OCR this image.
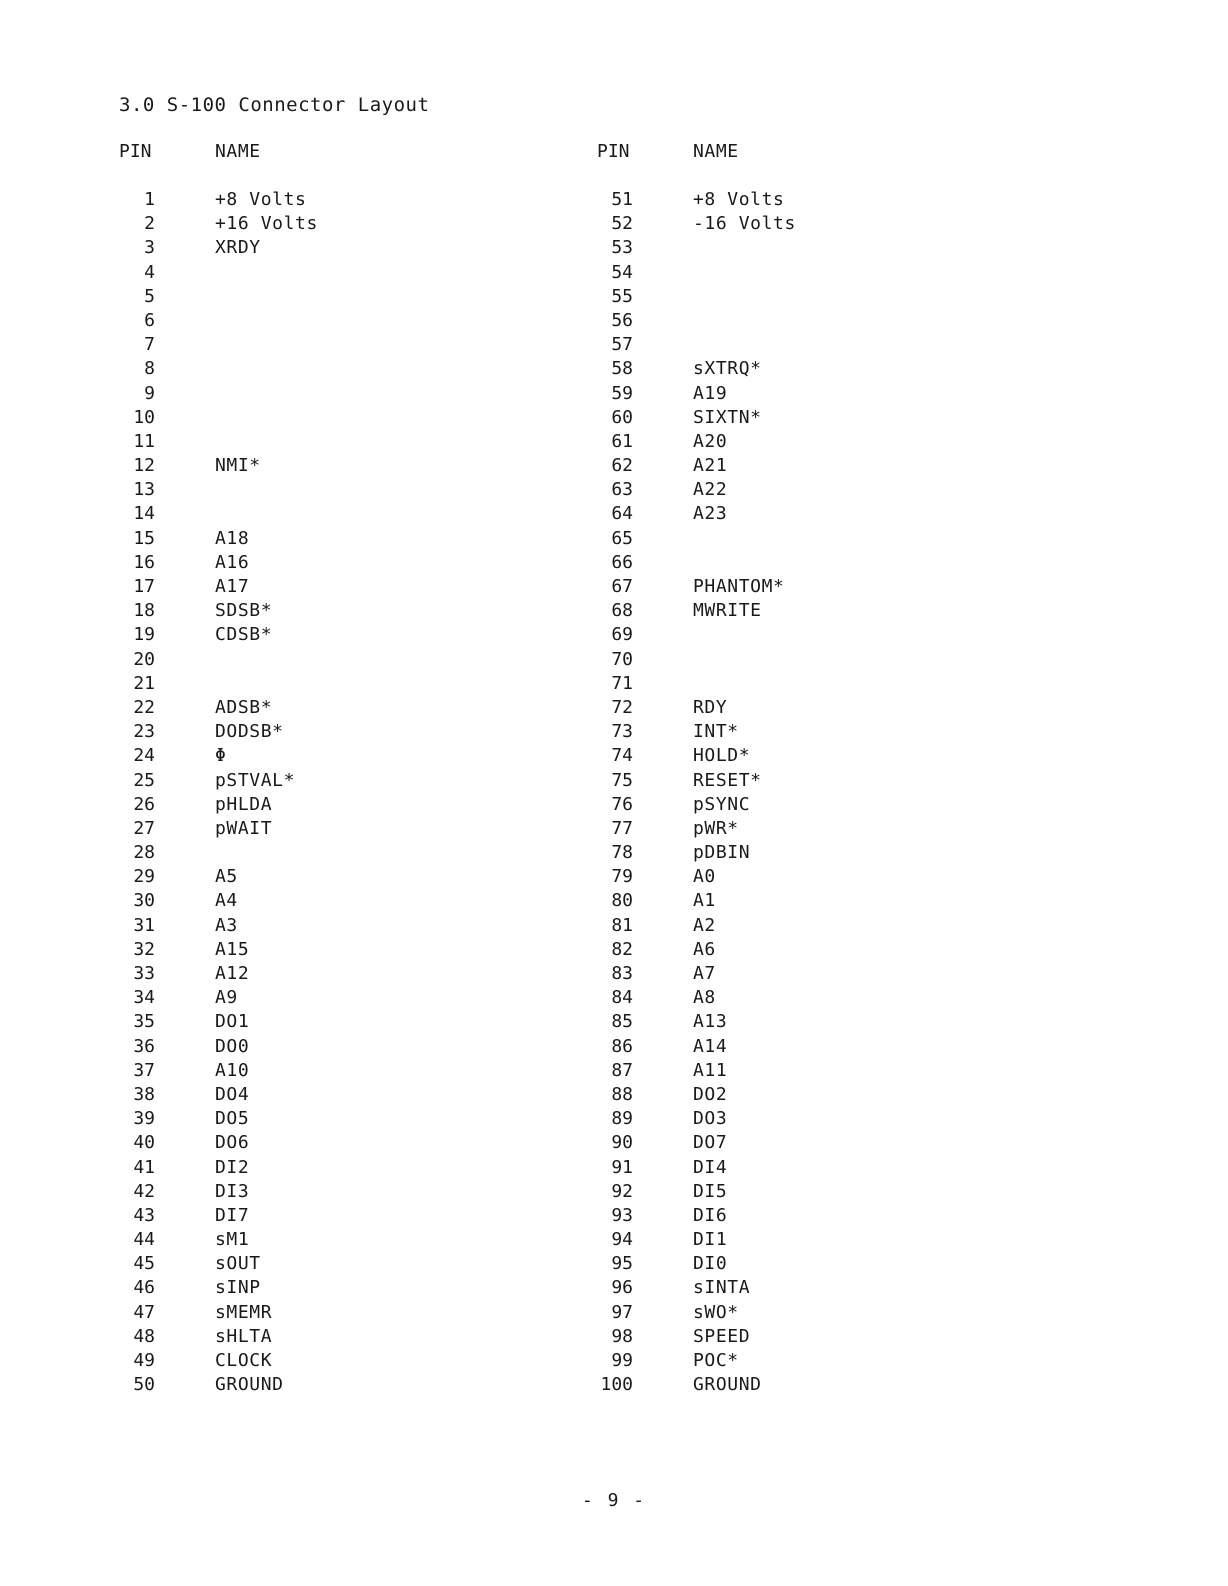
3.0 S-100 Connector Layout
PIN	NAME
1	+8 Volts
2	+16 Volts
3	XRDY
4
5
6
7
8
9
10
11
12	NMI*
13
14
15	A18
16	A16
17	A17
18	SDSB*
19	CDSB*
20
21
22	ADSB*
23	DODSB*
24	Φ
25	pSTVAL*
26	pHLDA
27	pWAIT
28
29	A5
30	A4
31	A3
32	A15
33	A12
34	A9
35	DO1
36	DO0
37	A10
38	DO4
39	DO5
40	DO6
41	DI2
42	DI3
43	DI7
44	sM1
45	sOUT
46	sINP
47	sMEMR
48	sHLTA
49	CLOCK
50	GROUND
PIN	NAME
51	+8 Volts
52	-16 Volts
53
54
55
56
57
58	sXTRQ*
59	A19
60	SIXTN*
61	A20
62	A21
63	A22
64	A23
65
66
67	PHANTOM*
68	MWRITE
69
70
71
72	RDY
73	INT*
74	HOLD*
75	RESET*
76	pSYNC
77	pWR*
78	pDBIN
79	A0
80	A1
81	A2
82	A6
83	A7
84	A8
85	A13
86	A14
87	A11
88	DO2
89	DO3
90	DO7
91	DI4
92	DI5
93	DI6
94	DI1
95	DI0
96	sINTA
97	sWO*
98	SPEED
99	POC*
100	GROUND
- 9 -
